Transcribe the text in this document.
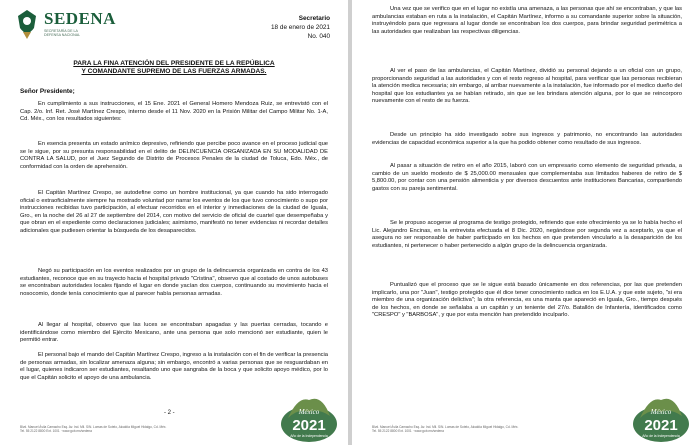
SEDENA
SECRETARÍA DE LA
DEFENSA NACIONAL
Secretario
18 de enero de 2021
No. 040
PARA LA FINA ATENCIÓN DEL PRESIDENTE DE LA REPÚBLICA
Y COMANDANTE SUPREMO DE LAS FUERZAS ARMADAS.
Señor Presidente;

En cumplimiento a sus instrucciones, el 15 Ene. 2021 el General Homero Mendoza Ruiz, se entrevistó con el Cap. 2/o. Inf. Ret. José Martínez Crespo, interno desde el 11 Nov. 2020 en la Prisión Militar del Campo Militar No. 1-A, Cd. Méx., con los resultados siguientes:

En esencia presenta un estado anímico depresivo, refiriendo que percibe poco avance en el proceso judicial que se le sigue, por su presunta responsabilidad en el delito de DELINCUENCIA ORGANIZADA EN SU MODALIDAD DE CONTRA LA SALUD, por el Juez Segundo de Distrito de Procesos Penales de la ciudad de Toluca, Edo. Méx., de conformidad con la orden de aprehensión.

El Capitán Martínez Crespo, se autodefine como un hombre institucional, ya que cuando ha sido interrogado oficial o extraoficialmente siempre ha mostrado voluntad por narrar los eventos de los que tuvo conocimiento o supo por instrucciones recibidas tuvo participación, al efectuar recorridos en el interior y inmediaciones de la ciudad de Iguala, Gro., en la noche del 26 al 27 de septiembre del 2014, con motivo del servicio de oficial de cuartel que desempeñaba y que obran en el expediente como declaraciones judiciales; asimismo, manifestó no tener evidencias ni recordar detalles adicionales que pudiesen orientar la búsqueda de los desaparecidos.

Negó su participación en los eventos realizados por un grupo de la delincuencia organizada en contra de los 43 estudiantes, reconoce que en su trayecto hacia el hospital privado "Cristina", observo que al costado de unos autobuses se encontraban autoridades locales fijando el lugar en donde yacían dos cuerpos, continuando su movimiento hacia el nosocomio, donde tenía conocimiento que al parecer había personas armadas.

Al llegar al hospital, observo que las luces se encontraban apagadas y las puertas cerradas, tocando e identificándose como miembro del Ejército Mexicano, ante una persona que solo mencionó ser estudiante, quien le permitió entrar.

El personal bajo el mando del Capitán Martínez Crespo, ingreso a la instalación con el fin de verificar la presencia de personas armadas, sin localizar amenaza alguna; sin embargo, encontró a varias personas que se resguardaban en el lugar, quienes indicaron ser estudiantes, resaltando uno que sangraba de la boca y que solicito apoyo médico, por lo que el Capitán solicito el apoyo de una ambulancia.

- 2 -
Blvd. Manuel Ávila Camacho Esq. Av. Ind. Mil. S/N. Lomas de Sotelo, Alcaldía Miguel Hidalgo, Cd. Méx.
Tel. 55 2122 8800 Ext. 1001 · www.gob.mx/sedena
México
2021
Año de la Independencia

Una vez que se verifico que en el lugar no existía una amenaza, a las personas que ahí se encontraban, y que las ambulancias estaban en ruta a la instalación, el Capitán Martínez, informo a su comandante superior sobre la situación, instruyéndolo para que regresara al lugar donde se encontraban los dos cuerpos, para brindar seguridad perimétrica a las autoridades que realizaban las respectivas diligencias.

Al ver el paso de las ambulancias, el Capitán Martínez, dividió su personal dejando a un oficial con un grupo, proporcionando seguridad a las autoridades y con el resto regreso al hospital, para verificar que las personas recibieran la atención medica necesaria; sin embargo, al arribar nuevamente a la instalación, fue informado por el medico dueño del hospital que los estudiantes ya se habían retirado, sin que se les brindara atención alguna, por lo que se reincorporo nuevamente con el resto de su fuerza.

Desde un principio ha sido investigado sobre sus ingresos y patrimonio, no encontrando las autoridades evidencias de capacidad económica superior a la que ha podido obtener como resultado de sus ingresos.

Al pasar a situación de retiro en el año 2015, laboró con un empresario como elemento de seguridad privada, a cambio de un sueldo modesto de $ 25,000.00 mensuales que complementaba sus limitados haberes de retiro de $ 5,800.00, por contar con una pensión alimenticia y por diversos descuentos ante instituciones Bancarias, compartiendo gastos con su pareja sentimental.

Se le propuso acogerse al programa de testigo protegido, refiriendo que este ofrecimiento ya se lo había hecho el Lic. Alejandro Encinas, en la entrevista efectuada el 8 Dic. 2020, negándose por segunda vez a aceptarlo, ya que el asegura no ser responsable de haber participado en los hechos en que pretenden vincularlo a la desaparición de los estudiantes, ni pertenecer o haber pertenecido a algún grupo de la delincuencia organizada.

Puntualizó que el proceso que se le sigue está basado únicamente en dos referencias, por las que pretenden implicarlo, una por "Juan", testigo protegido que él dice tener conocimiento radica en los E.U.A. y que este sujeto, "si era miembro de una organización delictiva"; la otra referencia, es una manta que apareció en Iguala, Gro., tiempo después de los hechos, en donde se señalaba a un capitán y un teniente del 27/o. Batallón de Infantería, identificados como "CRESPO" y "BARBOSA", y que por esta mención han pretendido inculparlo.

Blvd. Manuel Ávila Camacho Esq. Av. Ind. Mil. S/N. Lomas de Sotelo, Alcaldía Miguel Hidalgo, Cd. Méx.
Tel. 55 2122 8800 Ext. 1001 · www.gob.mx/sedena
México
2021
Año de la Independencia
